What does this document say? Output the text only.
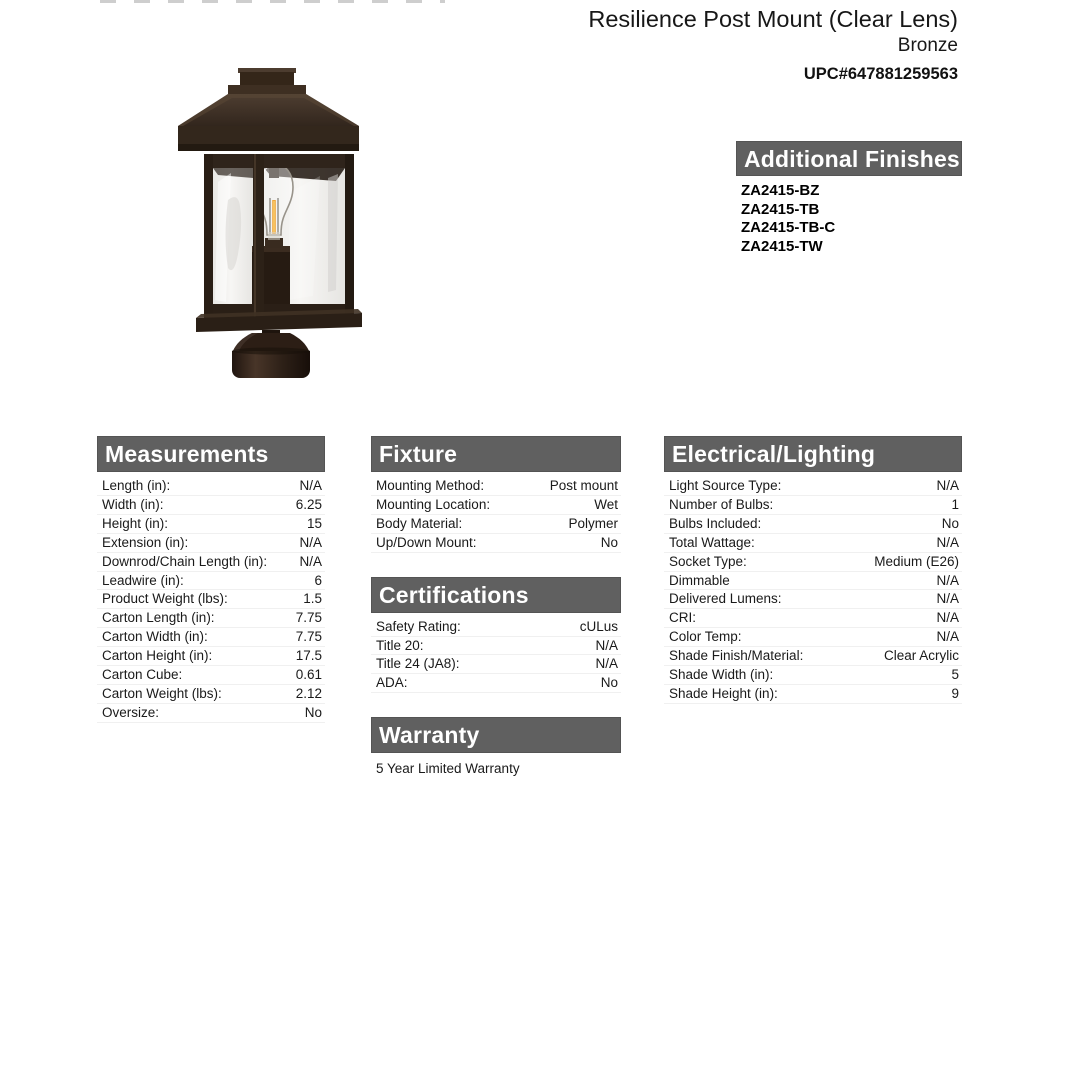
Resilience Post Mount (Clear Lens)
Bronze
UPC#647881259563
Additional Finishes
ZA2415-BZ
ZA2415-TB
ZA2415-TB-C
ZA2415-TW
Measurements
Length (in):	N/A
Width (in):	6.25
Height (in):	15
Extension (in):	N/A
Downrod/Chain Length (in): N/A
Leadwire (in):	6
Product Weight (lbs):	1.5
Carton Length (in):	7.75
Carton Width (in):	7.75
Carton Height (in):	17.5
Carton Cube:	0.61
Carton Weight (lbs):	2.12
Oversize:	No
Fixture
Mounting Method:	Post mount
Mounting Location:	Wet
Body Material:	Polymer
Up/Down Mount:	No
Certifications
Safety Rating:	cULus
Title 20:	N/A
Title 24 (JA8):	N/A
ADA:	No
Warranty
5 Year Limited Warranty
Electrical/Lighting
Light Source Type:	N/A
Number of Bulbs:	1
Bulbs Included:	No
Total Wattage:	N/A
Socket Type:	Medium (E26)
Dimmable	N/A
Delivered Lumens:	N/A
CRI:	N/A
Color Temp:	N/A
Shade Finish/Material:	Clear Acrylic
Shade Width (in):	5
Shade Height (in):	9
